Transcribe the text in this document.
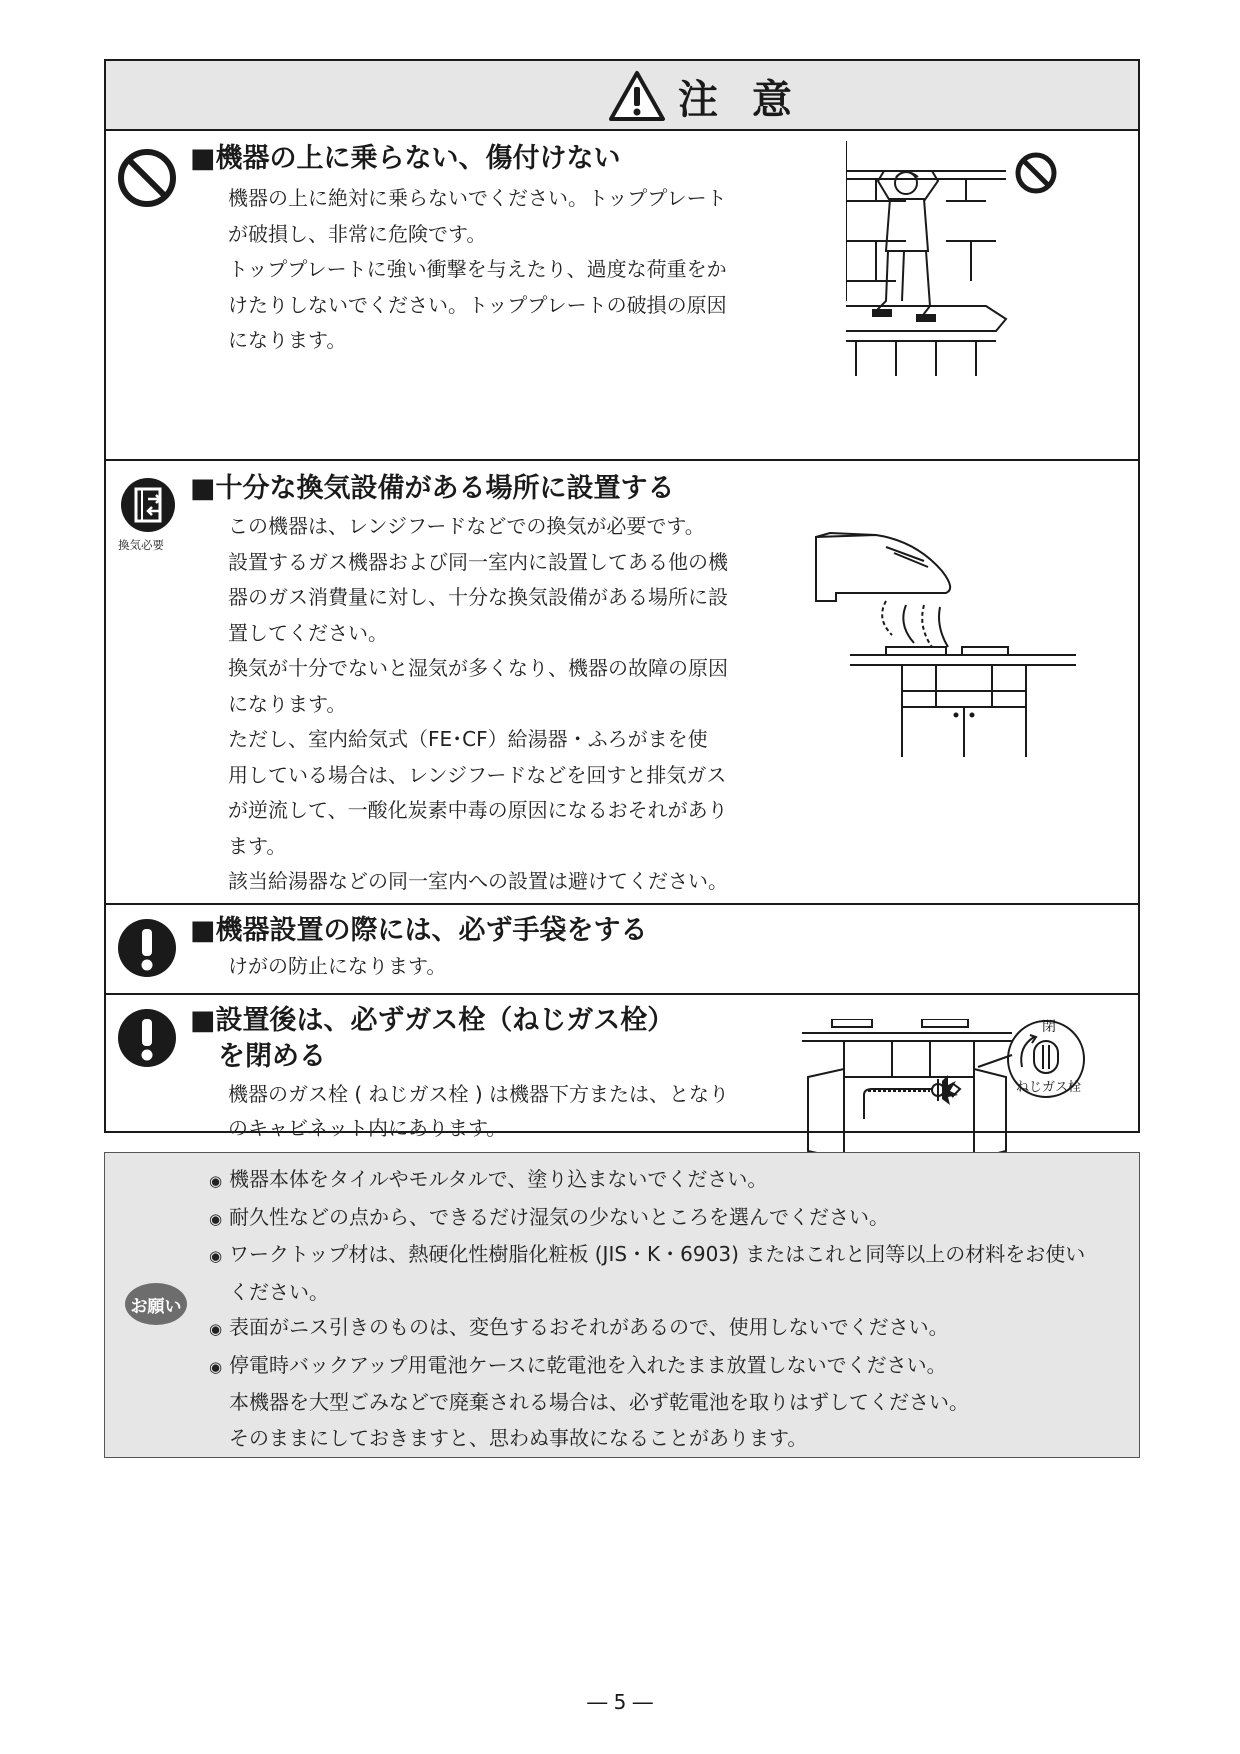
注 意
■機器の上に乗らない、傷付けない

機器の上に絶対に乗らないでください。トッププレート

が破損し、非常に危険です。

トッププレートに強い衝撃を与えたり、過度な荷重をか

けたりしないでください。トッププレートの破損の原因

になります。

換気必要
■十分な換気設備がある場所に設置する

この機器は、レンジフードなどでの換気が必要です。

設置するガス機器および同一室内に設置してある他の機

器のガス消費量に対し、十分な換気設備がある場所に設

置してください。

換気が十分でないと湿気が多くなり、機器の故障の原因

になります。

ただし、室内給気式（FE･CF）給湯器・ふろがまを使

用している場合は、レンジフードなどを回すと排気ガス

が逆流して、一酸化炭素中毒の原因になるおそれがあり

ます。

該当給湯器などの同一室内への設置は避けてください。

■機器設置の際には、必ず手袋をする

けがの防止になります。

■設置後は、必ずガス栓（ねじガス栓）
を閉める

機器のガス栓 ( ねじガス栓 ) は機器下方または、となり

のキャビネット内にあります。

閉
ねじガス栓
お願い

◉ 機器本体をタイルやモルタルで、塗り込まないでください。

◉ 耐久性などの点から、できるだけ湿気の少ないところを選んでください。

◉ ワークトップ材は、熱硬化性樹脂化粧板 (JIS・K・6903) またはこれと同等以上の材料をお使い

ください。

◉ 表面がニス引きのものは、変色するおそれがあるので、使用しないでください。

◉ 停電時バックアップ用電池ケースに乾電池を入れたまま放置しないでください。

本機器を大型ごみなどで廃棄される場合は、必ず乾電池を取りはずしてください。

そのままにしておきますと、思わぬ事故になることがあります。

― 5 ―
